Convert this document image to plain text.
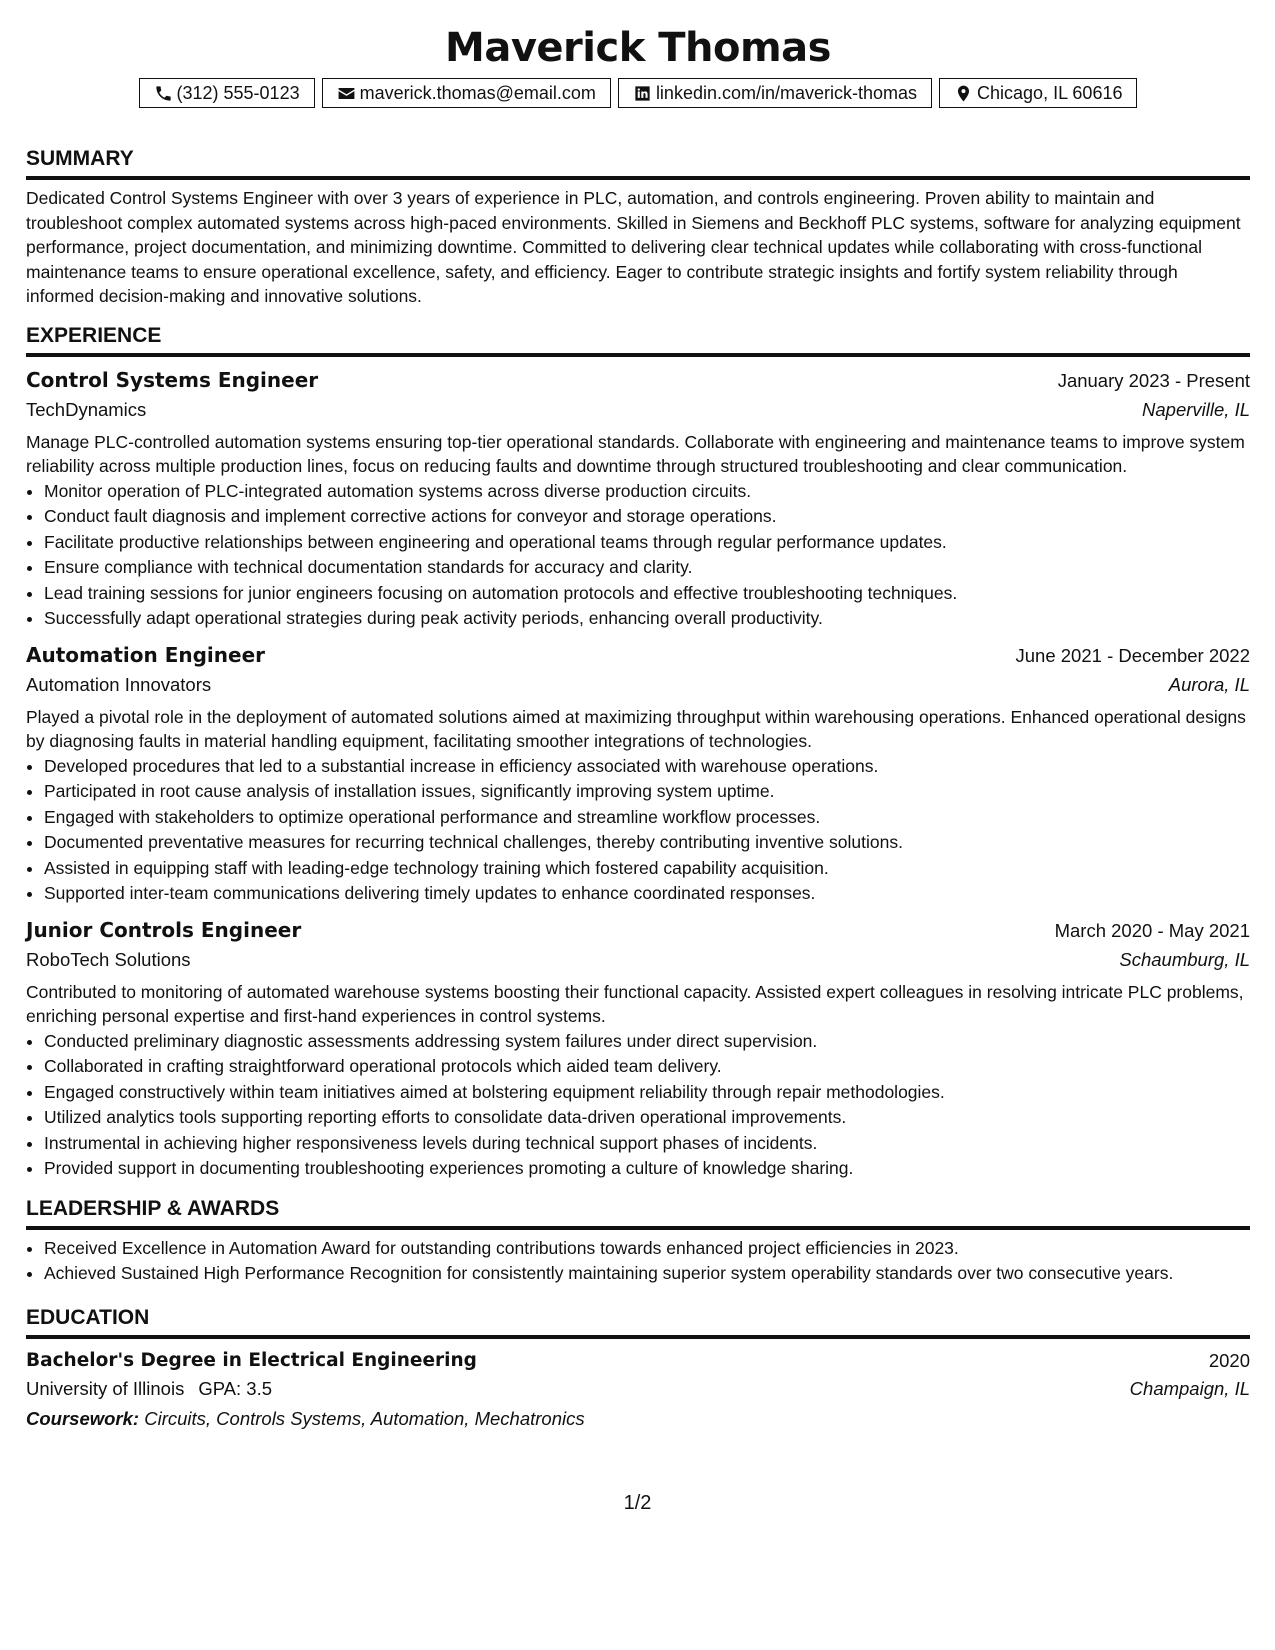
Maverick Thomas
(312) 555-0123	maverick.thomas@email.com	linkedin.com/in/maverick-thomas	Chicago, IL 60616
SUMMARY
Dedicated Control Systems Engineer with over 3 years of experience in PLC, automation, and controls engineering. Proven ability to maintain and troubleshoot complex automated systems across high-paced environments. Skilled in Siemens and Beckhoff PLC systems, software for analyzing equipment performance, project documentation, and minimizing downtime. Committed to delivering clear technical updates while collaborating with cross-functional maintenance teams to ensure operational excellence, safety, and efficiency. Eager to contribute strategic insights and fortify system reliability through informed decision-making and innovative solutions.
EXPERIENCE
Control Systems Engineer	January 2023 - Present
TechDynamics	Naperville, IL
Manage PLC-controlled automation systems ensuring top-tier operational standards. Collaborate with engineering and maintenance teams to improve system reliability across multiple production lines, focus on reducing faults and downtime through structured troubleshooting and clear communication.
• Monitor operation of PLC-integrated automation systems across diverse production circuits.
• Conduct fault diagnosis and implement corrective actions for conveyor and storage operations.
• Facilitate productive relationships between engineering and operational teams through regular performance updates.
• Ensure compliance with technical documentation standards for accuracy and clarity.
• Lead training sessions for junior engineers focusing on automation protocols and effective troubleshooting techniques.
• Successfully adapt operational strategies during peak activity periods, enhancing overall productivity.
Automation Engineer	June 2021 - December 2022
Automation Innovators	Aurora, IL
Played a pivotal role in the deployment of automated solutions aimed at maximizing throughput within warehousing operations. Enhanced operational designs by diagnosing faults in material handling equipment, facilitating smoother integrations of technologies.
• Developed procedures that led to a substantial increase in efficiency associated with warehouse operations.
• Participated in root cause analysis of installation issues, significantly improving system uptime.
• Engaged with stakeholders to optimize operational performance and streamline workflow processes.
• Documented preventative measures for recurring technical challenges, thereby contributing inventive solutions.
• Assisted in equipping staff with leading-edge technology training which fostered capability acquisition.
• Supported inter-team communications delivering timely updates to enhance coordinated responses.
Junior Controls Engineer	March 2020 - May 2021
RoboTech Solutions	Schaumburg, IL
Contributed to monitoring of automated warehouse systems boosting their functional capacity. Assisted expert colleagues in resolving intricate PLC problems, enriching personal expertise and first-hand experiences in control systems.
• Conducted preliminary diagnostic assessments addressing system failures under direct supervision.
• Collaborated in crafting straightforward operational protocols which aided team delivery.
• Engaged constructively within team initiatives aimed at bolstering equipment reliability through repair methodologies.
• Utilized analytics tools supporting reporting efforts to consolidate data-driven operational improvements.
• Instrumental in achieving higher responsiveness levels during technical support phases of incidents.
• Provided support in documenting troubleshooting experiences promoting a culture of knowledge sharing.
LEADERSHIP & AWARDS
• Received Excellence in Automation Award for outstanding contributions towards enhanced project efficiencies in 2023.
• Achieved Sustained High Performance Recognition for consistently maintaining superior system operability standards over two consecutive years.
EDUCATION
Bachelor's Degree in Electrical Engineering	2020
University of Illinois GPA: 3.5	Champaign, IL
Coursework: Circuits, Controls Systems, Automation, Mechatronics
1/2
